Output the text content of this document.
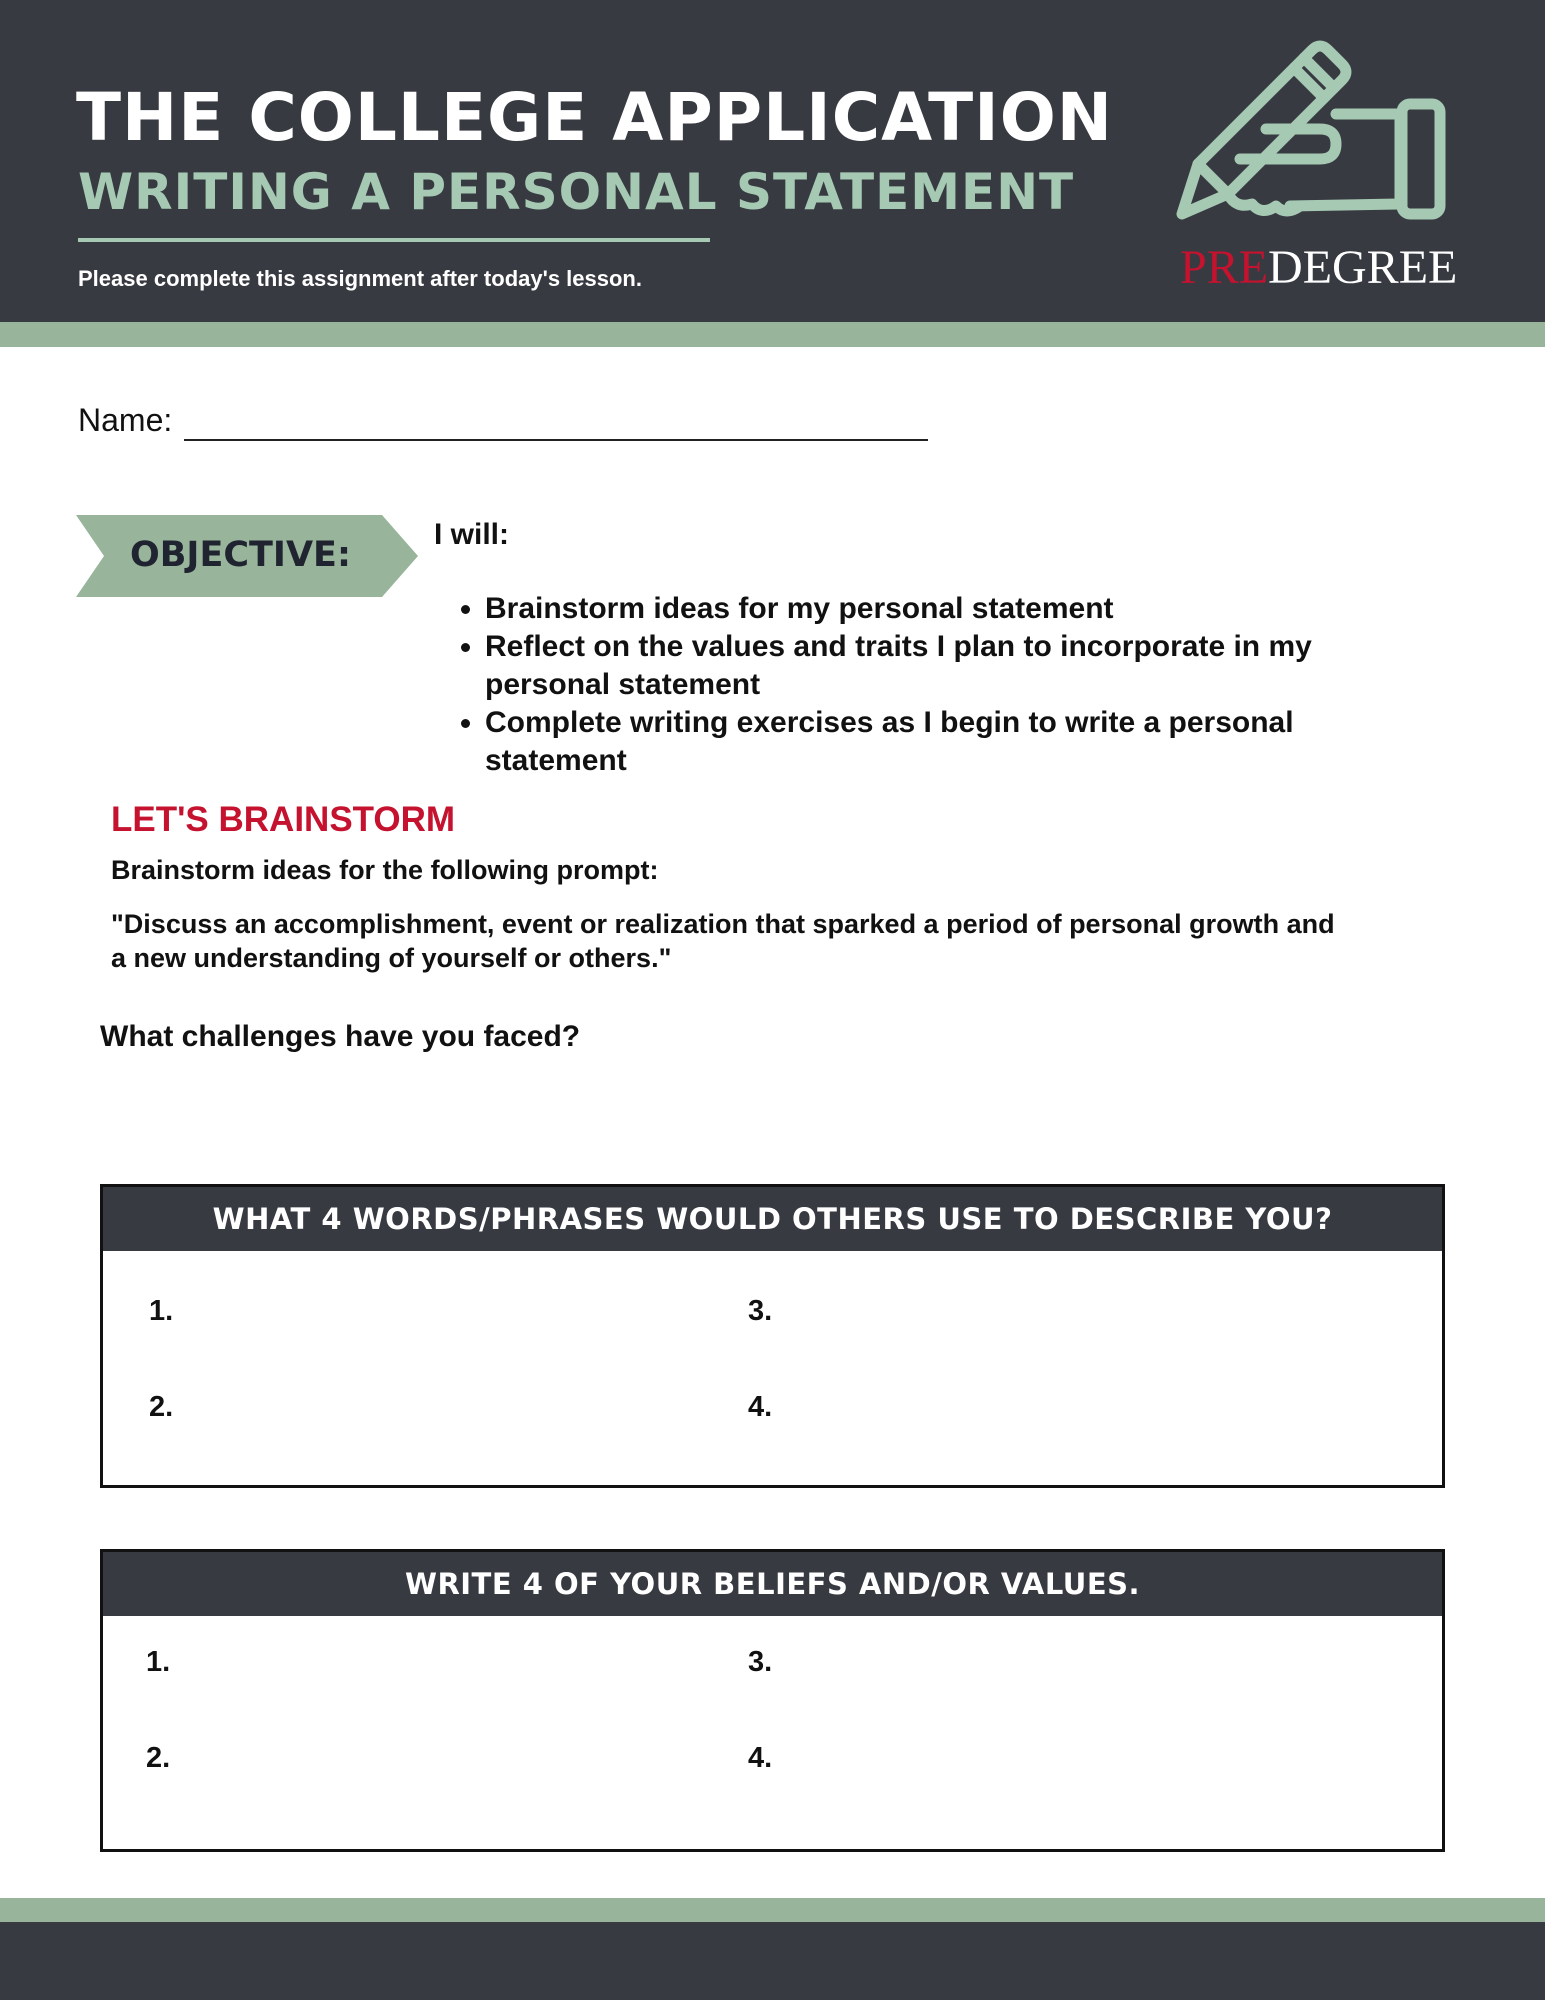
THE COLLEGE APPLICATION
WRITING A PERSONAL STATEMENT
Please complete this assignment after today's lesson.	PREDEGREE
Name:
OBJECTIVE:
I will:
• Brainstorm ideas for my personal statement
• Reflect on the values and traits I plan to incorporate in my personal statement
• Complete writing exercises as I begin to write a personal statement
LET'S BRAINSTORM
Brainstorm ideas for the following prompt:
"Discuss an accomplishment, event or realization that sparked a period of personal growth and a new understanding of yourself or others."
What challenges have you faced?
WHAT 4 WORDS/PHRASES WOULD OTHERS USE TO DESCRIBE YOU?
1.
2.
3.
4.
WRITE 4 OF YOUR BELIEFS AND/OR VALUES.
1.
2.
3.
4.
